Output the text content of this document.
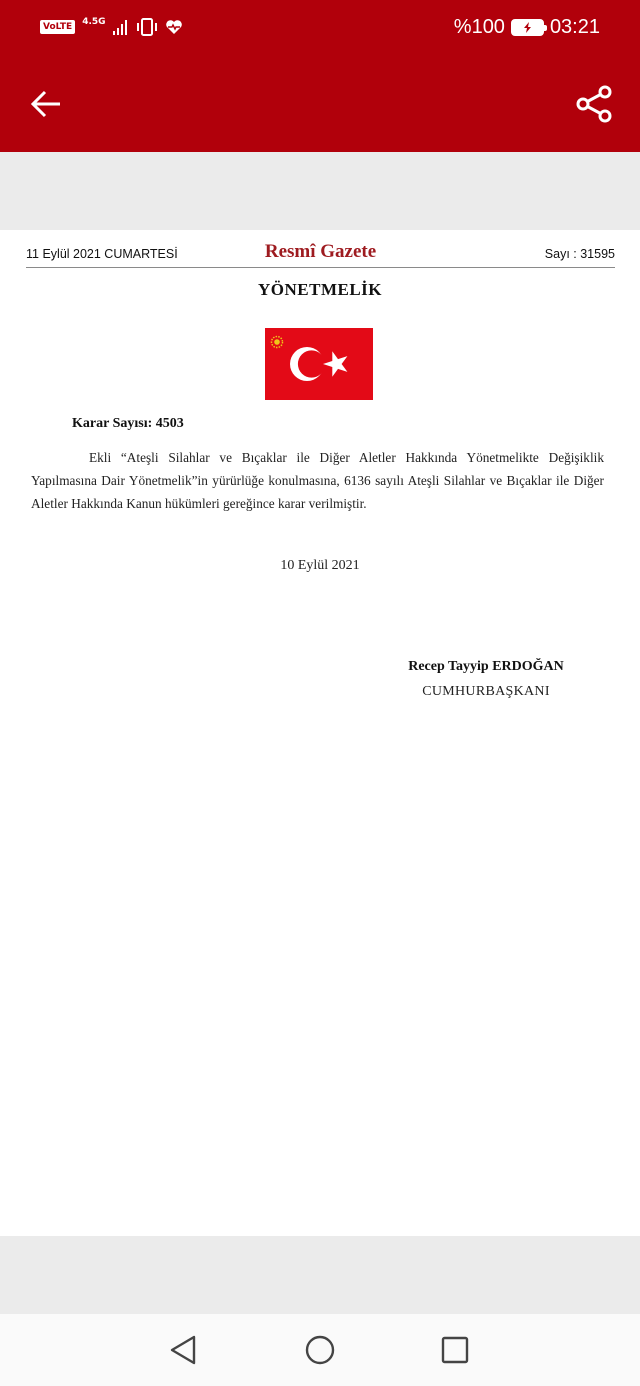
VoLTE
4.5G	%100 03:21
11 Eylül 2021 CUMARTESİ	Resmî Gazete	Sayı : 31595
YÖNETMELİK
Karar Sayısı: 4503

Ekli “Ateşli Silahlar ve Bıçaklar ile Diğer Aletler Hakkında Yönetmelikte Değişiklik Yapılmasına Dair Yönetmelik”in yürürlüğe konulmasına, 6136 sayılı Ateşli Silahlar ve Bıçaklar ile Diğer Aletler Hakkında Kanun hükümleri gereğince karar verilmiştir.

10 Eylül 2021
Recep Tayyip ERDOĞAN
CUMHURBAŞKANI
